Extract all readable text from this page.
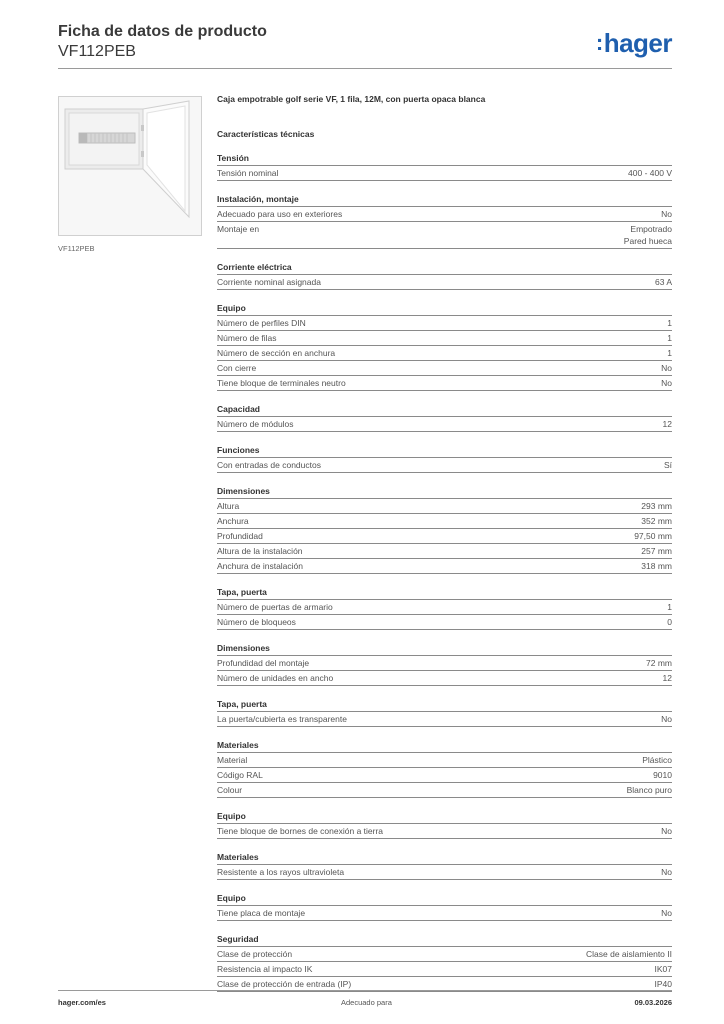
Ficha de datos de producto
VF112PEB	:hager
VF112PEB
Caja empotrable golf serie VF, 1 fila, 12M, con puerta opaca blanca
Características técnicas
Tensión
Tensión nominal	400 - 400 V
Instalación, montaje
Adecuado para uso en exteriores	No
Montaje en	Empotrado
Pared hueca
Corriente eléctrica
Corriente nominal asignada	63 A
Equipo
Número de perfiles DIN	1
Número de filas	1
Número de sección en anchura	1
Con cierre	No
Tiene bloque de terminales neutro	No
Capacidad
Número de módulos	12
Funciones
Con entradas de conductos	Sí
Dimensiones
Altura	293 mm
Anchura	352 mm
Profundidad	97,50 mm
Altura de la instalación	257 mm
Anchura de instalación	318 mm
Tapa, puerta
Número de puertas de armario	1
Número de bloqueos	0
Dimensiones
Profundidad del montaje	72 mm
Número de unidades en ancho	12
Tapa, puerta
La puerta/cubierta es transparente	No
Materiales
Material	Plástico
Código RAL	9010
Colour	Blanco puro
Equipo
Tiene bloque de bornes de conexión a tierra	No
Materiales
Resistente a los rayos ultravioleta	No
Equipo
Tiene placa de montaje	No
Seguridad
Clase de protección	Clase de aislamiento II
Resistencia al impacto IK	IK07
Clase de protección de entrada (IP)	IP40
hager.com/es	Adecuado para	09.03.2026
